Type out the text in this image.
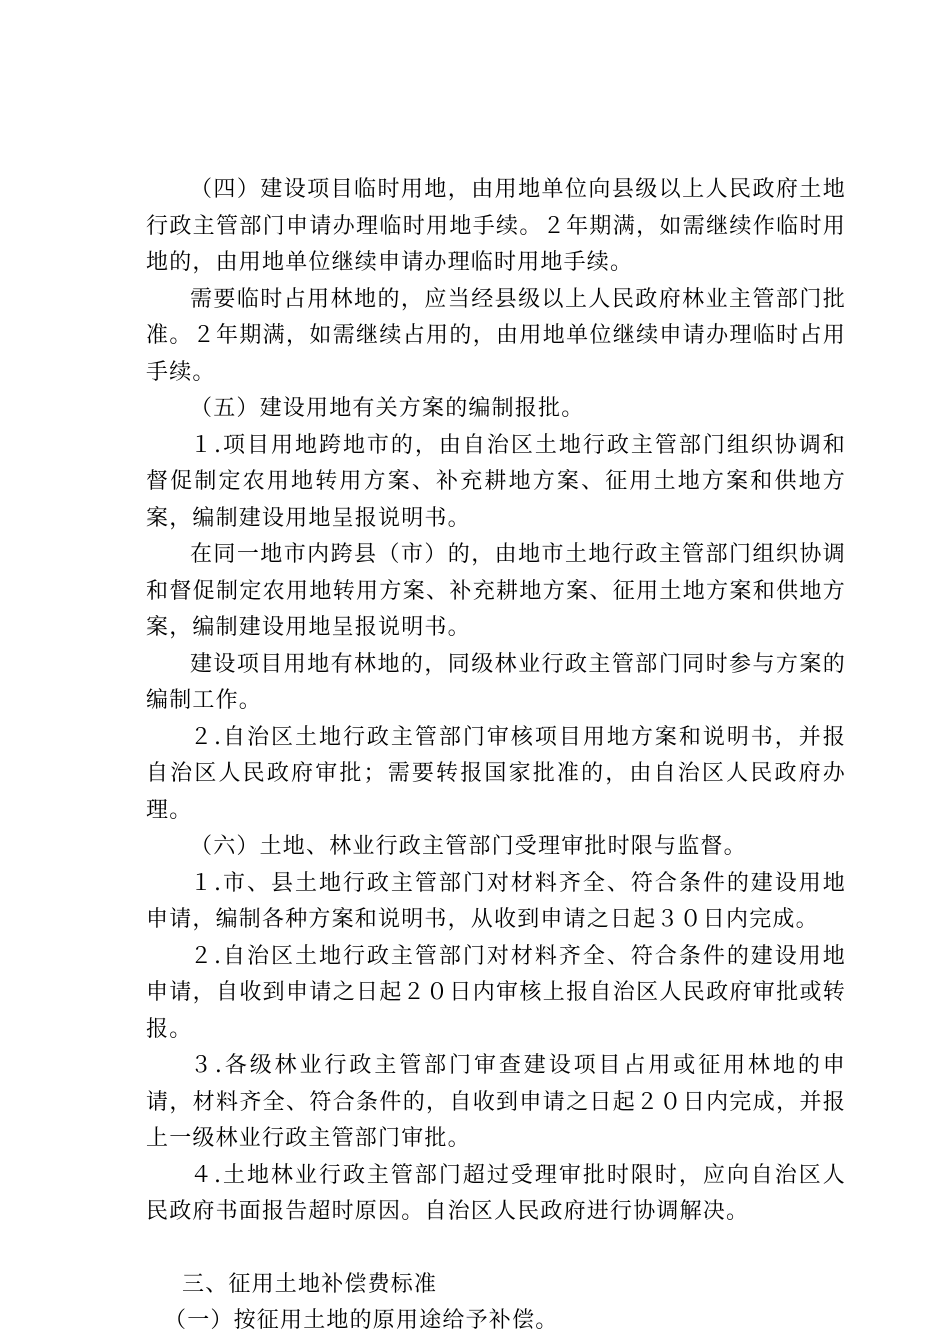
（四）建设项目临时用地，由用地单位向县级以上人民政府土地行政主管部门申请办理临时用地手续。２年期满，如需继续作临时用地的，由用地单位继续申请办理临时用地手续。

需要临时占用林地的，应当经县级以上人民政府林业主管部门批准。２年期满，如需继续占用的，由用地单位继续申请办理临时占用手续。

（五）建设用地有关方案的编制报批。

１.项目用地跨地市的，由自治区土地行政主管部门组织协调和督促制定农用地转用方案、补充耕地方案、征用土地方案和供地方案，编制建设用地呈报说明书。

在同一地市内跨县（市）的，由地市土地行政主管部门组织协调和督促制定农用地转用方案、补充耕地方案、征用土地方案和供地方案，编制建设用地呈报说明书。

建设项目用地有林地的，同级林业行政主管部门同时参与方案的编制工作。

２.自治区土地行政主管部门审核项目用地方案和说明书，并报自治区人民政府审批；需要转报国家批准的，由自治区人民政府办理。

（六）土地、林业行政主管部门受理审批时限与监督。

１.市、县土地行政主管部门对材料齐全、符合条件的建设用地申请，编制各种方案和说明书，从收到申请之日起３０日内完成。

２.自治区土地行政主管部门对材料齐全、符合条件的建设用地申请，自收到申请之日起２０日内审核上报自治区人民政府审批或转报。

３.各级林业行政主管部门审查建设项目占用或征用林地的申请，材料齐全、符合条件的，自收到申请之日起２０日内完成，并报上一级林业行政主管部门审批。

４.土地林业行政主管部门超过受理审批时限时，应向自治区人民政府书面报告超时原因。自治区人民政府进行协调解决。

三、征用土地补偿费标准

（一）按征用土地的原用途给予补偿。
